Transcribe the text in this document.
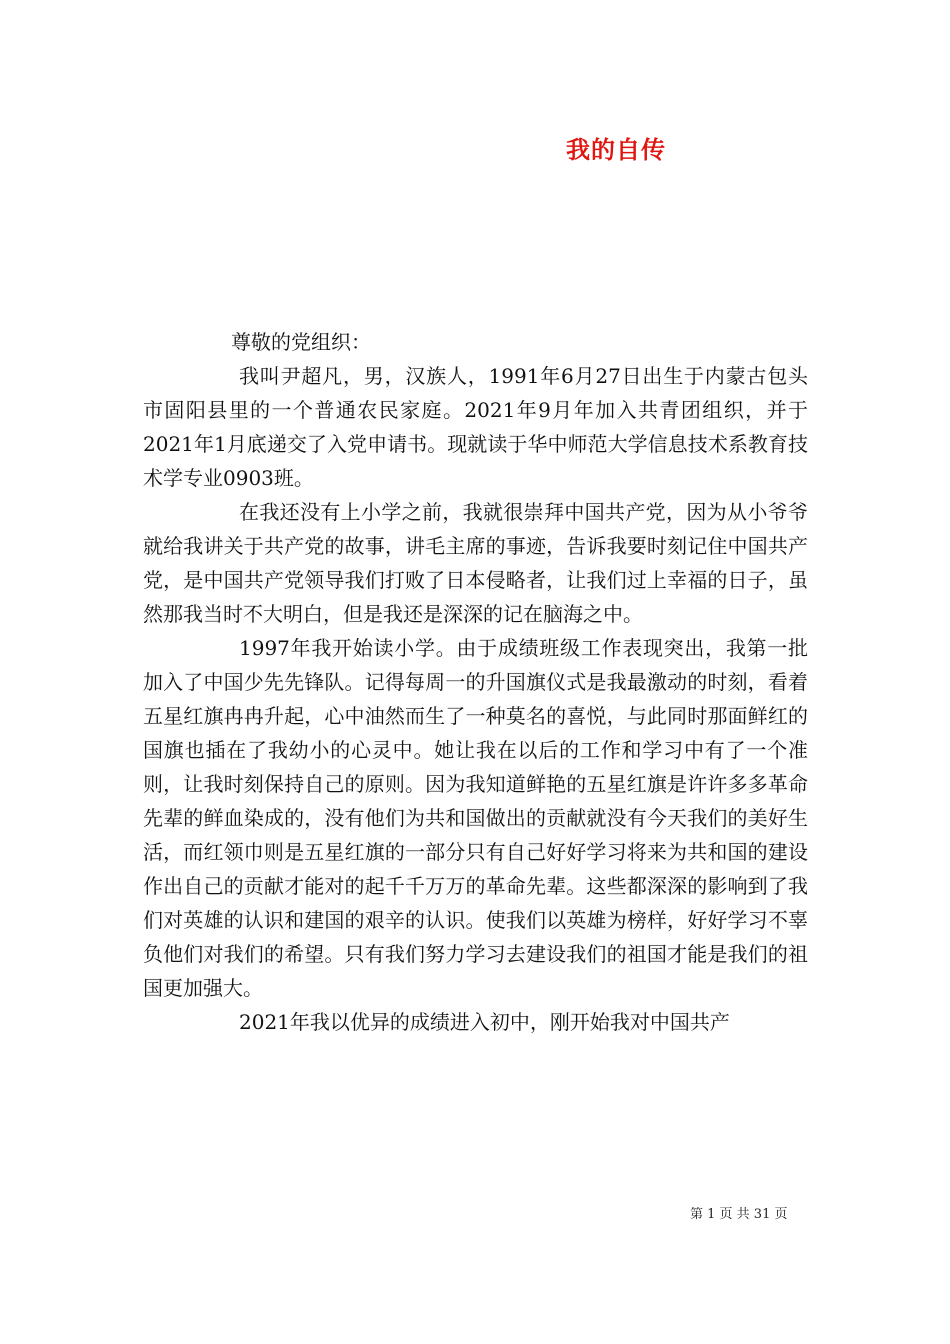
我的自传

尊敬的党组织：

我叫尹超凡，男，汉族人，1991年6月27日出生于内蒙古包头市固阳县里的一个普通农民家庭。2021年9月年加入共青团组织，并于2021年1月底递交了入党申请书。现就读于华中师范大学信息技术系教育技术学专业0903班。

在我还没有上小学之前，我就很崇拜中国共产党，因为从小爷爷就给我讲关于共产党的故事，讲毛主席的事迹，告诉我要时刻记住中国共产党，是中国共产党领导我们打败了日本侵略者，让我们过上幸福的日子，虽然那我当时不大明白，但是我还是深深的记在脑海之中。

1997年我开始读小学。由于成绩班级工作表现突出，我第一批加入了中国少先先锋队。记得每周一的升国旗仪式是我最激动的时刻，看着五星红旗冉冉升起，心中油然而生了一种莫名的喜悦，与此同时那面鲜红的国旗也插在了我幼小的心灵中。她让我在以后的工作和学习中有了一个准则，让我时刻保持自己的原则。因为我知道鲜艳的五星红旗是许许多多革命先辈的鲜血染成的，没有他们为共和国做出的贡献就没有今天我们的美好生活，而红领巾则是五星红旗的一部分只有自己好好学习将来为共和国的建设作出自己的贡献才能对的起千千万万的革命先辈。这些都深深的影响到了我们对英雄的认识和建国的艰辛的认识。使我们以英雄为榜样，好好学习不辜负他们对我们的希望。只有我们努力学习去建设我们的祖国才能是我们的祖国更加强大。

2021年我以优异的成绩进入初中，刚开始我对中国共产

第 1 页 共 31 页
